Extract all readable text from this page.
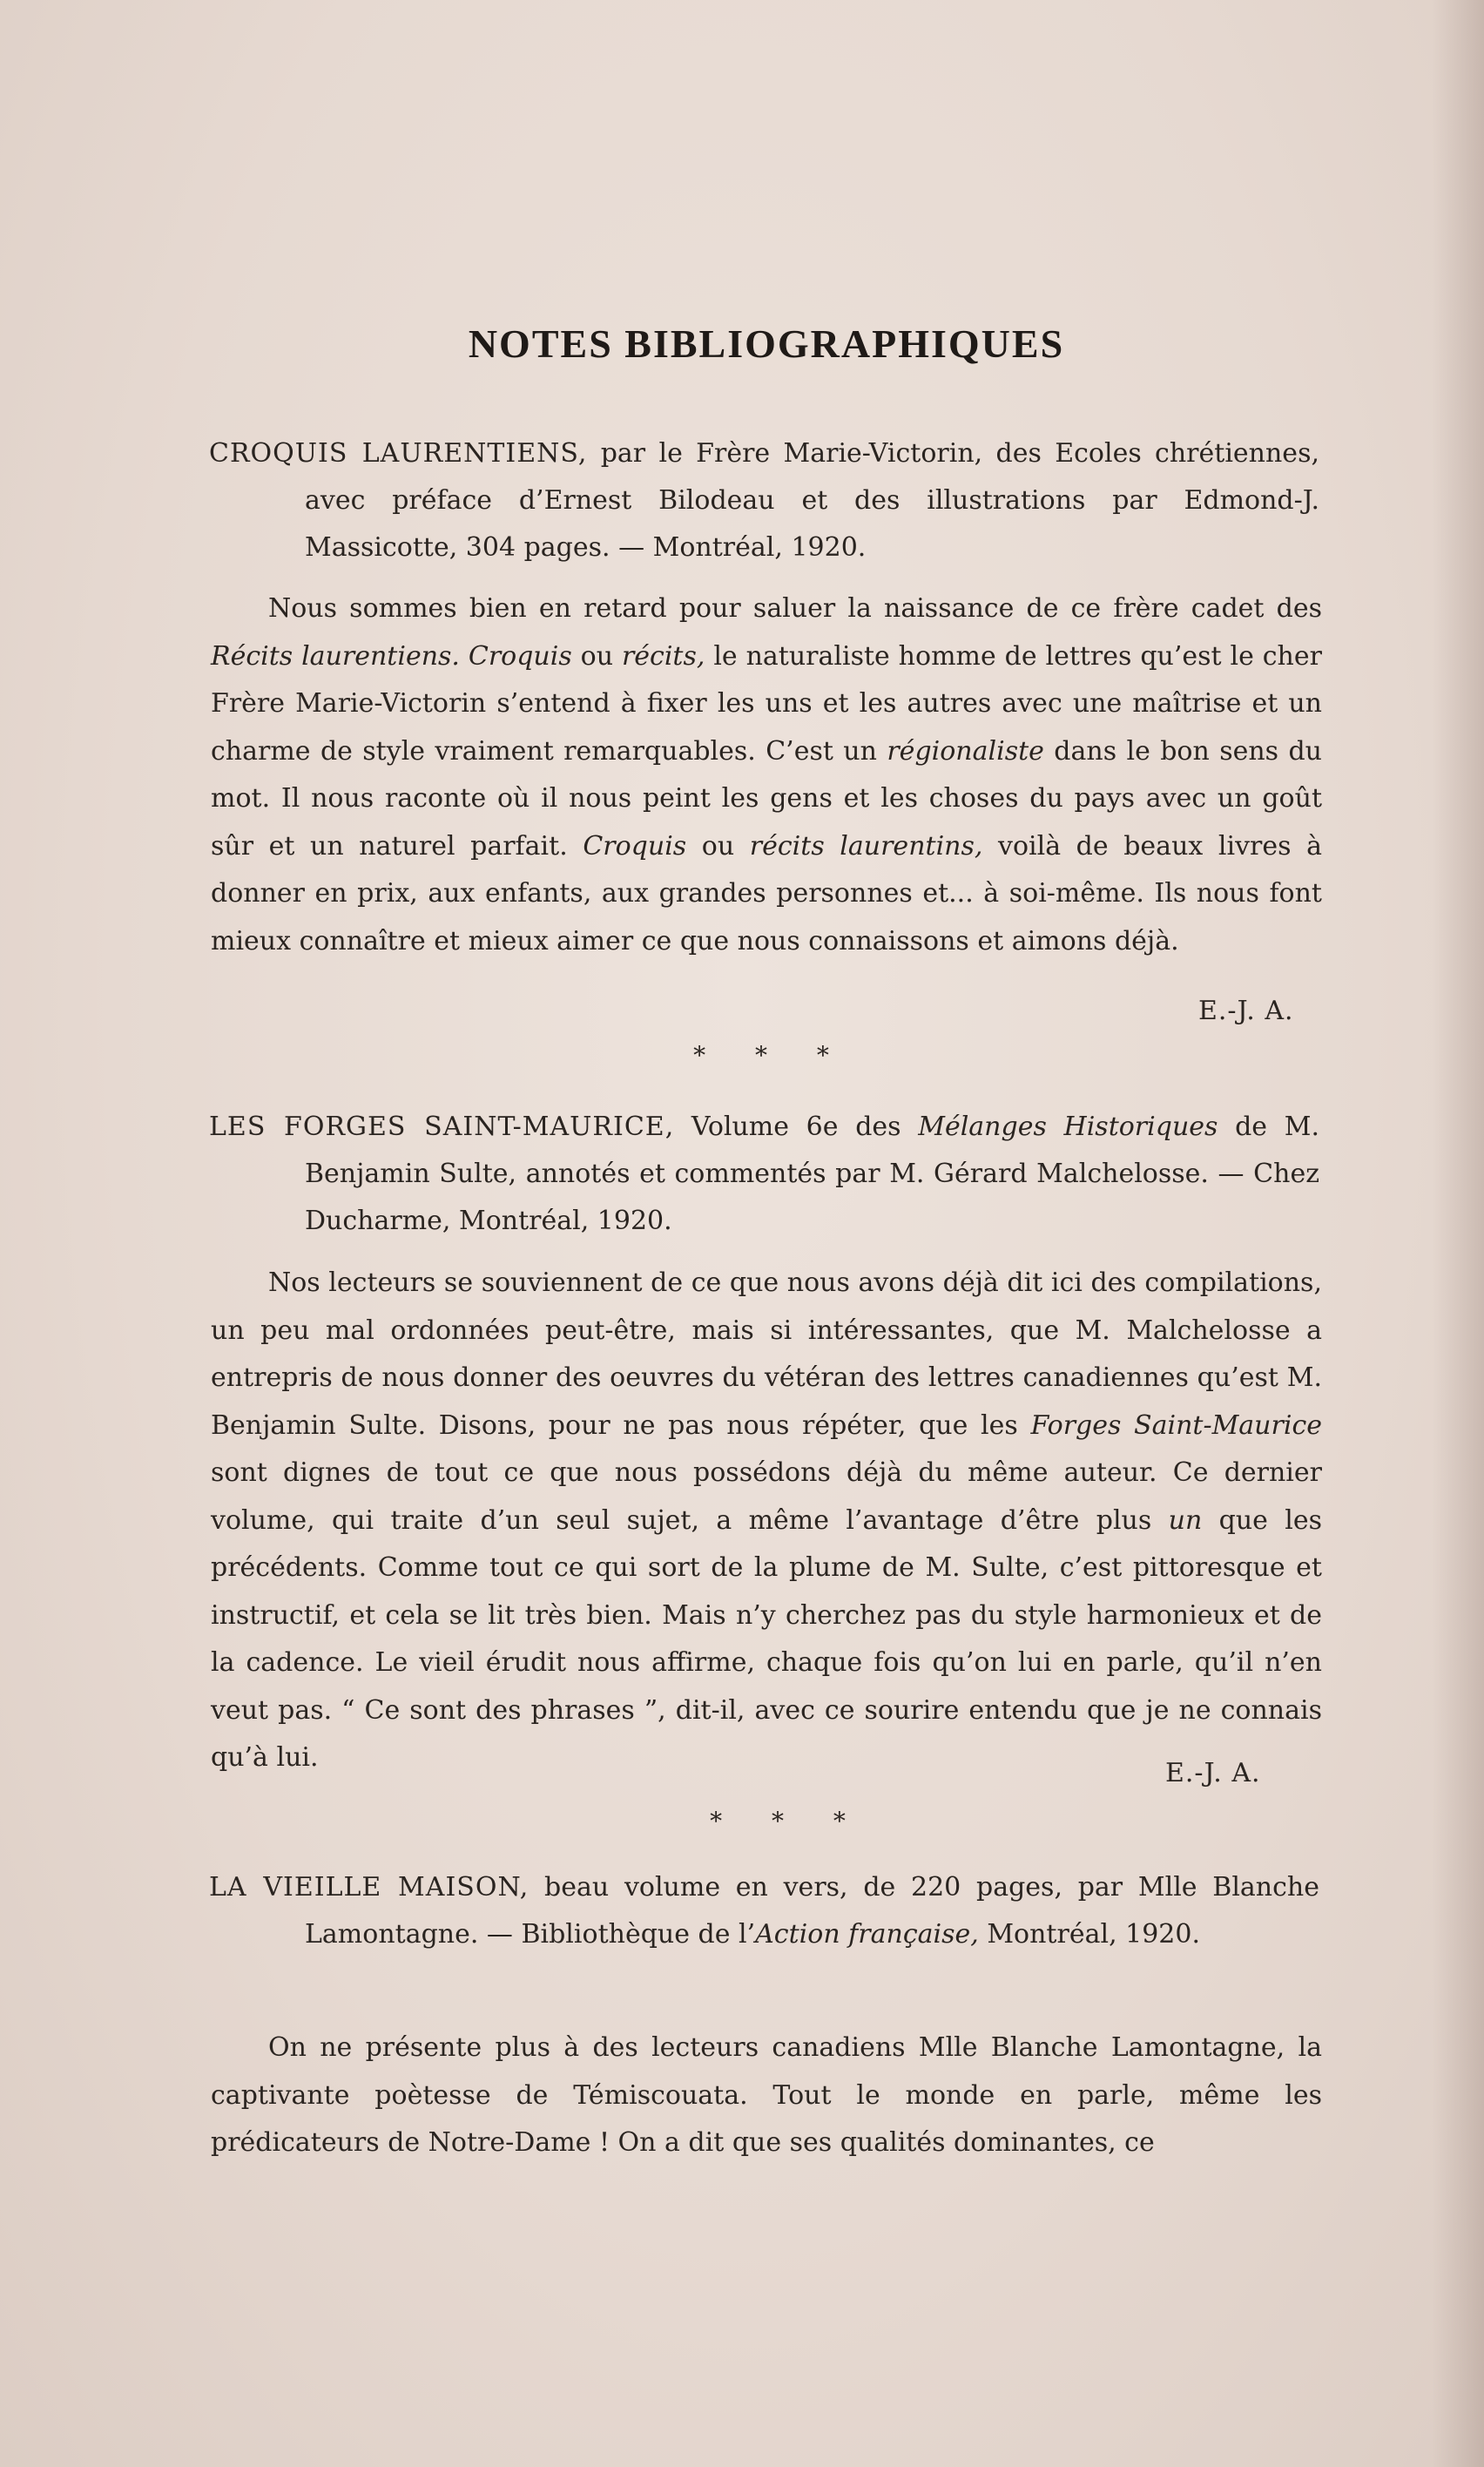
NOTES BIBLIOGRAPHIQUES
CROQUIS LAURENTIENS, par le Frère Marie-Victorin, des Ecoles chrétiennes, avec préface d’Ernest Bilodeau et des illustrations par Edmond-J. Massicotte, 304 pages. — Montréal, 1920.
Nous sommes bien en retard pour saluer la naissance de ce frère cadet des Récits laurentiens. Croquis ou récits, le naturaliste homme de lettres qu’est le cher Frère Marie-Victorin s’entend à fixer les uns et les autres avec une maîtrise et un charme de style vraiment remarquables. C’est un régionaliste dans le bon sens du mot. Il nous raconte où il nous peint les gens et les choses du pays avec un goût sûr et un naturel parfait. Croquis ou récits laurentins, voilà de beaux livres à donner en prix, aux enfants, aux grandes personnes et... à soi-même. Ils nous font mieux connaître et mieux aimer ce que nous connaissons et aimons déjà.
E.-J. A.
* * *
LES FORGES SAINT-MAURICE, Volume 6e des Mélanges Historiques de M. Benjamin Sulte, annotés et commentés par M. Gérard Malchelosse. — Chez Ducharme, Montréal, 1920.
Nos lecteurs se souviennent de ce que nous avons déjà dit ici des compilations, un peu mal ordonnées peut-être, mais si intéressantes, que M. Malchelosse a entrepris de nous donner des oeuvres du vétéran des lettres canadiennes qu’est M. Benjamin Sulte. Disons, pour ne pas nous répéter, que les Forges Saint-Maurice sont dignes de tout ce que nous possédons déjà du même auteur. Ce dernier volume, qui traite d’un seul sujet, a même l’avantage d’être plus un que les précédents. Comme tout ce qui sort de la plume de M. Sulte, c’est pittoresque et instructif, et cela se lit très bien. Mais n’y cherchez pas du style harmonieux et de la cadence. Le vieil érudit nous affirme, chaque fois qu’on lui en parle, qu’il n’en veut pas. “ Ce sont des phrases ”, dit-il, avec ce sourire entendu que je ne connais qu’à lui.
E.-J. A.
* * *
LA VIEILLE MAISON, beau volume en vers, de 220 pages, par Mlle Blanche Lamontagne. — Bibliothèque de l’Action française, Montréal, 1920.
On ne présente plus à des lecteurs canadiens Mlle Blanche Lamontagne, la captivante poètesse de Témiscouata. Tout le monde en parle, même les prédicateurs de Notre-Dame ! On a dit que ses qualités dominantes, ce
